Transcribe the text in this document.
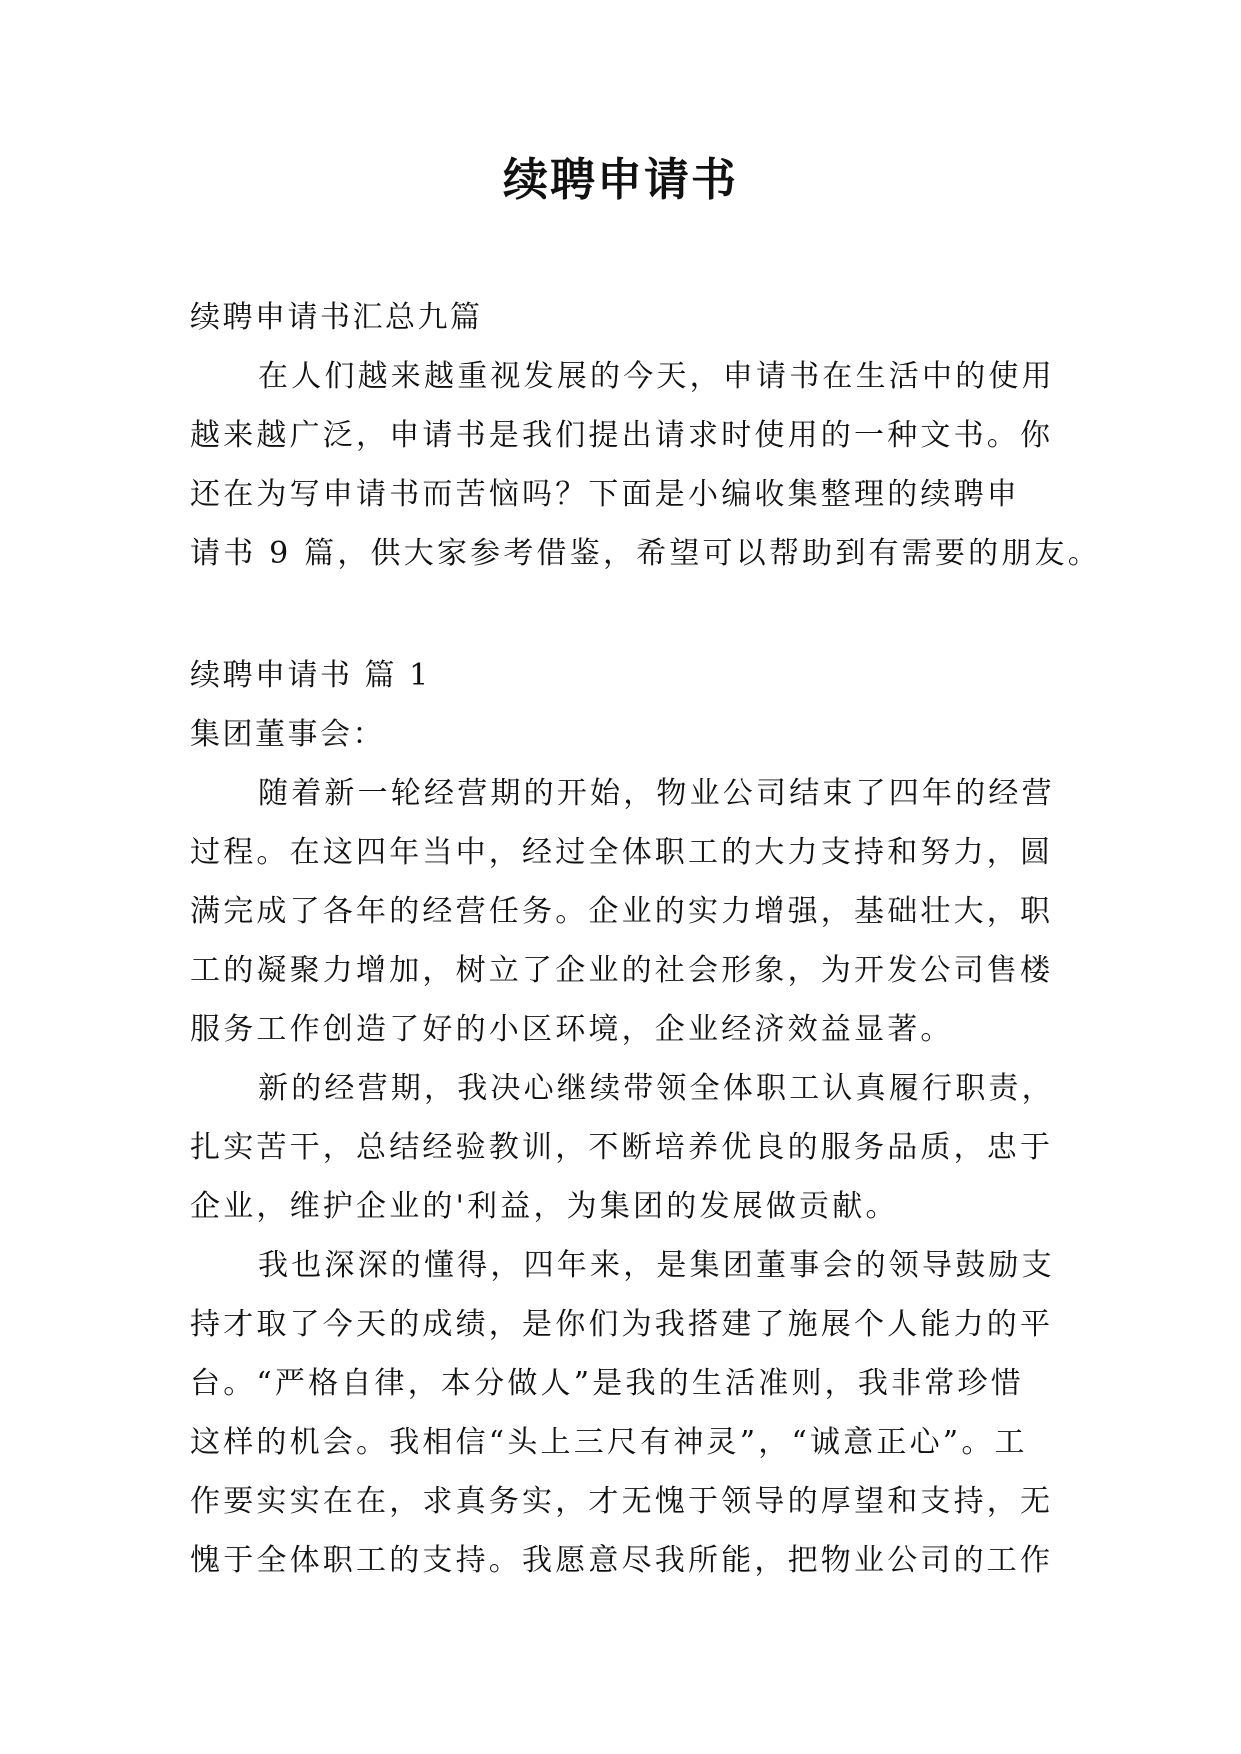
续聘申请书
续聘申请书汇总九篇
在人们越来越重视发展的今天，申请书在生活中的使用
越来越广泛，申请书是我们提出请求时使用的一种文书。你
还在为写申请书而苦恼吗？下面是小编收集整理的续聘申
请书 9 篇，供大家参考借鉴，希望可以帮助到有需要的朋友。
续聘申请书 篇 1
集团董事会：
随着新一轮经营期的开始，物业公司结束了四年的经营
过程。在这四年当中，经过全体职工的大力支持和努力，圆
满完成了各年的经营任务。企业的实力增强，基础壮大，职
工的凝聚力增加，树立了企业的社会形象，为开发公司售楼
服务工作创造了好的小区环境，企业经济效益显著。
新的经营期，我决心继续带领全体职工认真履行职责，
扎实苦干，总结经验教训，不断培养优良的服务品质，忠于
企业，维护企业的'利益，为集团的发展做贡献。
我也深深的懂得，四年来，是集团董事会的领导鼓励支
持才取了今天的成绩，是你们为我搭建了施展个人能力的平
台。“严格自律，本分做人”是我的生活准则，我非常珍惜
这样的机会。我相信“头上三尺有神灵”，“诚意正心”。工
作要实实在在，求真务实，才无愧于领导的厚望和支持，无
愧于全体职工的支持。我愿意尽我所能，把物业公司的工作
